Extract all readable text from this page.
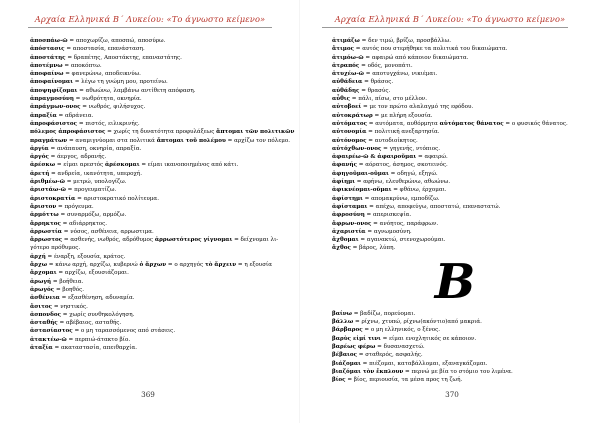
Αρχαία Ελληνικά Β΄ Λυκείου: «Το άγνωστο κείμενο»
ἀποσπάω-ῶ = αποχωρίζω, αποσπώ, αποσύρω.
ἀπόστασις = αποστασία, επανάσταση.
ἀποστάτης = δραπέτης, Αποστάκτης, επαναστάτης.
ἀποτέμνω = αποκόπτω.
ἀποφαίνω = φανερώνω, αποδεικνύω.
ἀποφαίνομαι = λέγω τη γνώμη μου, προτείνω.
ἀποψηφίζομαι = αθωώνω, λαμβάνω αντίθετη απόφαση.
ἀπραγμοσύνη = νωθρότητα, οκνηρία.
ἀπράγμων-ονος = νωθρός, φιλήσυχος.
ἀπραξία = αδράνεια.
ἀπροφάσιστος = πιστός, ειλικρινής.
πόλεμος ἀπροφάσιστος = χωρίς τη δυνατότητα προφυλάξεως ἄπτομαι τῶν πολιτικῶν
πραγμάτων = αναμιγνύομαι στα πολιτικά ἄπτομαι τοῦ πολέμου = αρχίζω τον πόλεμο.
ἀργία = ανάπαυση, οκνηρία, απραξία.
ἀργός = άεργος, αδρανής.
ἀρέσκω = είμαι αρεστός ἀρέσκομαι = είμαι ικανοποιημένος από κάτι.
ἀρετή = ανδρεία, ικανότητα, υπεροχή.
ἀριθμέω-ῶ = μετρώ, υπολογίζω.
ἀριστάω-ῶ = προγευματίζω.
ἀριστοκρατία = αριστοκρατικό πολίτευμα.
ἄριστον = πρόγευμα.
ἁρμόττω = συναρμόζω, αρμόζω.
ἄρρηκτος = αδιάρρηκτος.
ἀρρωστία = νόσος, ασθένεια, αρρωστιμα.
ἄρρωστος = ασθενής, νωθρός, αδρόθυμος ἀρρωστότερος γίγνομαι = δείχνομαι λι-
γότερο πρόθυμος.
ἀρχή = έναρξη, εξουσία, κράτος.
ἄρχω = κάνω αρχή, αρχίζω, κυβερνώ ὁ ἄρχων = ο αρχηγός τὸ ἄρχειν = η εξουσία
ἄρχομαι = αρχίζω, εξουσιάζομαι.
ἀρωγή = βοήθεια.
ἀρωγός = βοηθός.
ἀσθένεια = εξασθένηση, αδυναμία.
ἄσιτος = νηστικός.
ἀσπονδος = χωρίς συνθηκολόγηση.
ἀσταθής = αβέβαιος, ασταθής.
ἀστασίαστος = ο μη ταρασσόμενος από στάσεις.
ἀτακτέω-ῶ = περπιώ-άτακτο βίο.
ἀταξία = ακαταστασία, απειθαρχία.
369
Αρχαία Ελληνικά Β΄ Λυκείου: «Το άγνωστο κείμενο»
ἀτιμάζω = δεν τιμώ, βρίζω, προσβάλλω.
ἄτιμος = αυτός που στερήθηκε τα πολιτικά του δικαιώματα.
ἀτιμόω-ῶ = αφαιρώ από κάποιον δικαιώματα.
ἀτραπός = οδός, μονοπάτι.
ἀτυχέω-ῶ = αποτυγχάνω, νικιέμαι.
αὐθάδεια = θράσος.
αὐθάδης = θρασύς.
αὖθις = πάλι, πίσω, στο μέλλον.
αὐτοβοεί = με τον πρώτο αλαλαγμό της εφόδου.
αὐτοκράτωρ = με πλήρη εξουσία.
αὐτόματος = αυτόματα, αυθόρμητα αὐτόματος θάνατος = ο φυσικός θάνατος.
αὐτονομία = πολιτική ανεξαρτησία.
αὐτόνομος = αυτοδιοίκητος.
αὐτόχθων-ονος = γηγενής, ντόπιος.
ἀφαιρέω-ῶ & ἀφαιροῦμαι = αφαιρώ.
ἀφανής = αόρατος, άσημος, σκοτεινός.
ἀφηγοῦμαι-οῦμαι = οδηγώ, εξηγώ.
ἀφίημι = αφήνω, ελευθερώνω, αθωώνω.
ἀφικνέομαι-οῦμαι = φθάνω, έρχομαι.
ἀφίστημι = απομακρύνω, εμποδίζω.
ἀφίσταμαι = απέχω, αποφεύγω, αποστατώ, επαναστατώ.
ἀφροσύνη = απερισκεψία.
ἄφρων-ονος = ανόητος, παράφρων.
ἀχαριστία = αγνωμοσύνη.
ἄχθομαι = αγανακτώ, στενοχωρούμαι.
ἄχθος = βάρος, λύπη.
Β
βαίνω = βαδίζω, πορεύομαι.
βάλλω = ρίχνω, χτυπώ, ρίχνω(ακόντιο)από μακριά.
βάρβαρος = ο μη ελληνικός, ο ξένος.
βαρὺς εἰμί τινι = είμαι ενοχλητικός σε κάποιον.
βαρέως φέρω = δυσανασχετώ.
βέβαιος = σταθερός, ασφαλής.
βιάζομαι = πιέζομαι, καταβάλλομαι, εξαναγκάζομαι.
βιαζόμαι τὸν ἔκπλουν = περνώ με βία το στόμιο του λιμένα.
βίος = βίος, περιουσία, τα μέσα προς τη ζωή.
370
